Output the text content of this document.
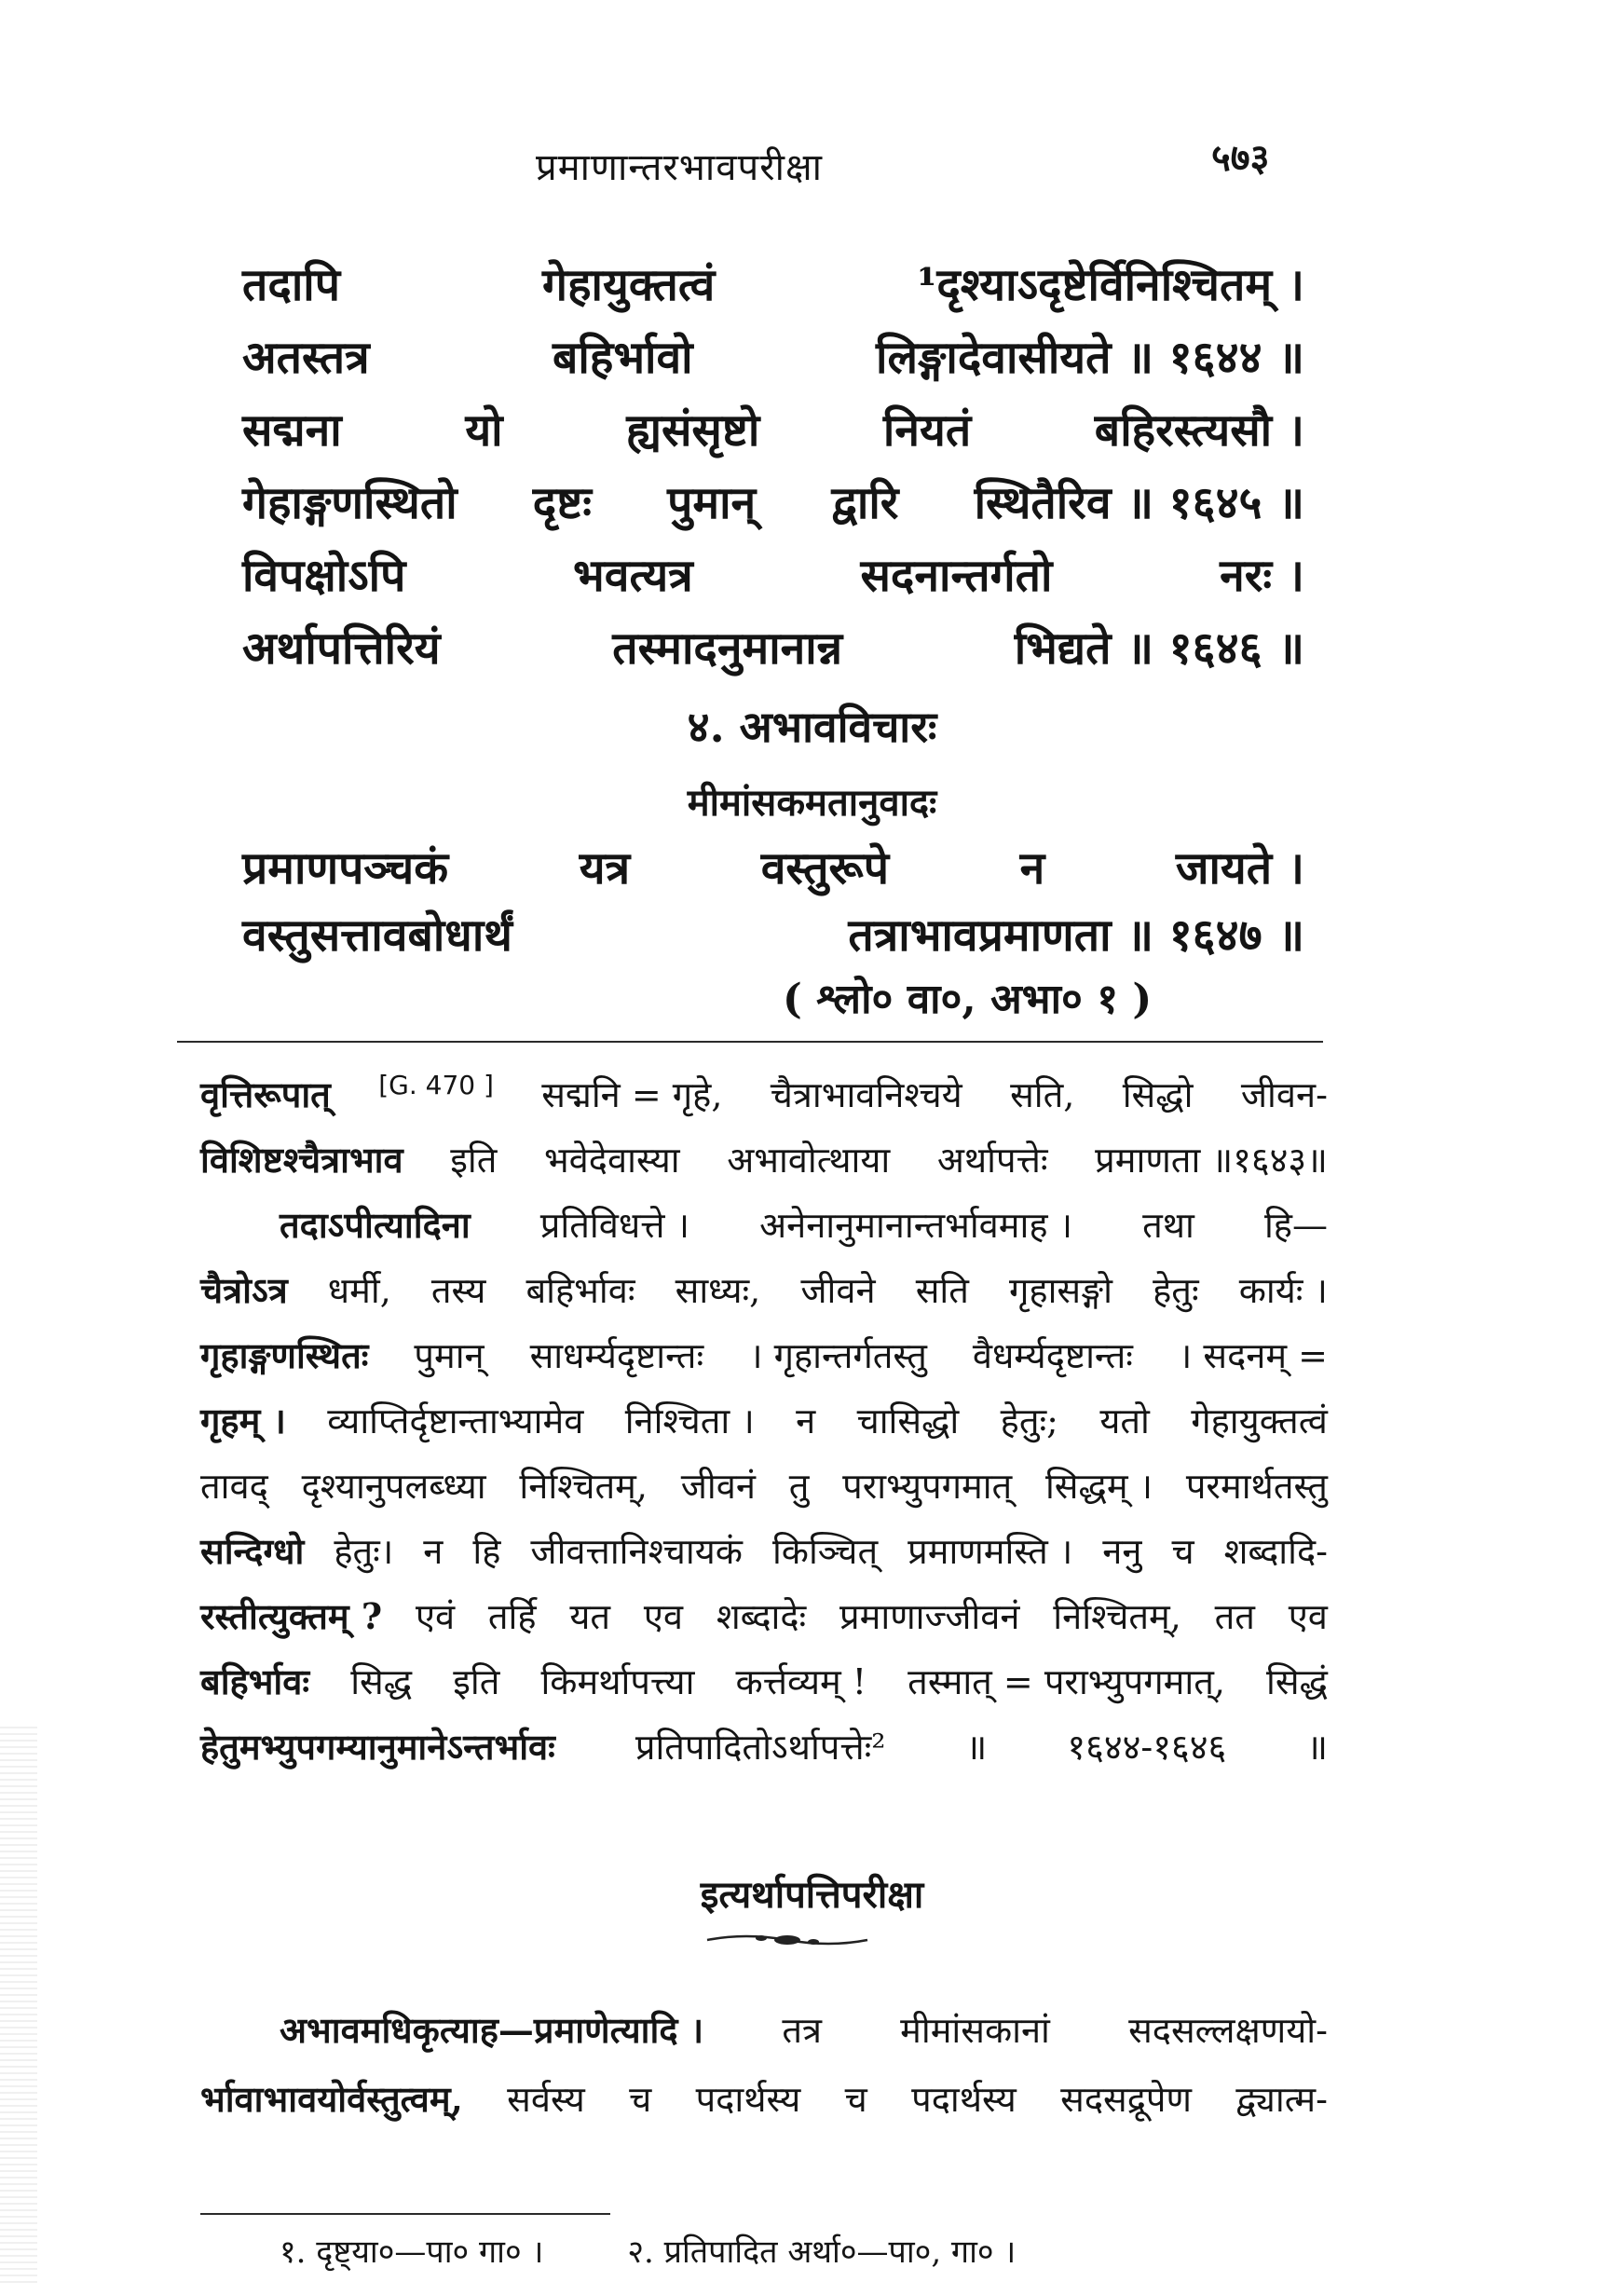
प्रमाणान्तरभावपरीक्षा	५७३
तदापि	गेहायुक्तत्वं	¹दृश्याऽदृष्टेर्विनिश्चितम् ।
अतस्तत्र	बहिर्भावो	लिङ्गादेवासीयते ॥ १६४४ ॥
सद्मना	यो	ह्यसंसृष्टो	नियतं	बहिरस्त्यसौ ।
गेहाङ्गणस्थितो दृष्टः पुमान् द्वारि स्थितैरिव ॥ १६४५ ॥
विपक्षोऽपि	भवत्यत्र	सदनान्तर्गतो	नरः ।
अर्थापत्तिरियं	तस्मादनुमानान्न	भिद्यते ॥ १६४६ ॥
४. अभावविचारः
मीमांसकमतानुवादः
प्रमाणपञ्चकं	यत्र	वस्तुरूपे	न	जायते ।
वस्तुसत्तावबोधार्थं	तत्राभावप्रमाणता ॥ १६४७ ॥
( श्लो० वा०, अभा० १ )
वृत्तिरूपात् [G. 470 ] सद्मनि = गृहे, चैत्राभावनिश्चये सति, सिद्धो जीवन-
विशिष्टश्चैत्राभाव इति भवेदेवास्या अभावोत्थाया अर्थापत्तेः प्रमाणता ॥१६४३॥
तदाऽपीत्यादिना प्रतिविधत्ते । अनेनानुमानान्तर्भावमाह । तथा हि—
चैत्रोऽत्र धर्मी, तस्य बहिर्भावः साध्यः, जीवने सति गृहासङ्गो हेतुः कार्यः ।
गृहाङ्गणस्थितः पुमान् साधर्म्यदृष्टान्तः । गृहान्तर्गतस्तु वैधर्म्यदृष्टान्तः । सदनम् =
गृहम् । व्याप्तिर्दृष्टान्ताभ्यामेव निश्चिता । न चासिद्धो हेतुः; यतो गेहायुक्तत्वं
तावद् दृश्यानुपलब्ध्या निश्चितम्, जीवनं तु पराभ्युपगमात् सिद्धम् । परमार्थतस्तु
सन्दिग्धो हेतुः। न हि जीवत्तानिश्चायकं किञ्चित् प्रमाणमस्ति । ननु च शब्दादि-
रस्तीत्युक्तम् ? एवं तर्हि यत एव शब्दादेः प्रमाणाज्जीवनं निश्चितम्, तत एव
बहिर्भावः सिद्ध इति किमर्थापत्त्या कर्त्तव्यम् ! तस्मात् = पराभ्युपगमात्, सिद्धं
हेतुमभ्युपगम्यानुमानेऽन्तर्भावः प्रतिपादितोऽर्थापत्तेः² ॥ १६४४-१६४६ ॥
इत्यर्थापत्तिपरीक्षा
अभावमधिकृत्याह—प्रमाणेत्यादि । तत्र मीमांसकानां सदसल्लक्षणयो-
र्भावाभावयोर्वस्तुत्वम्, सर्वस्य च पदार्थस्य च पदार्थस्य सदसद्रूपेण द्व्यात्म-
१. दृष्ट्या०—पा० गा० ।	२. प्रतिपादित अर्था०—पा०, गा० ।
